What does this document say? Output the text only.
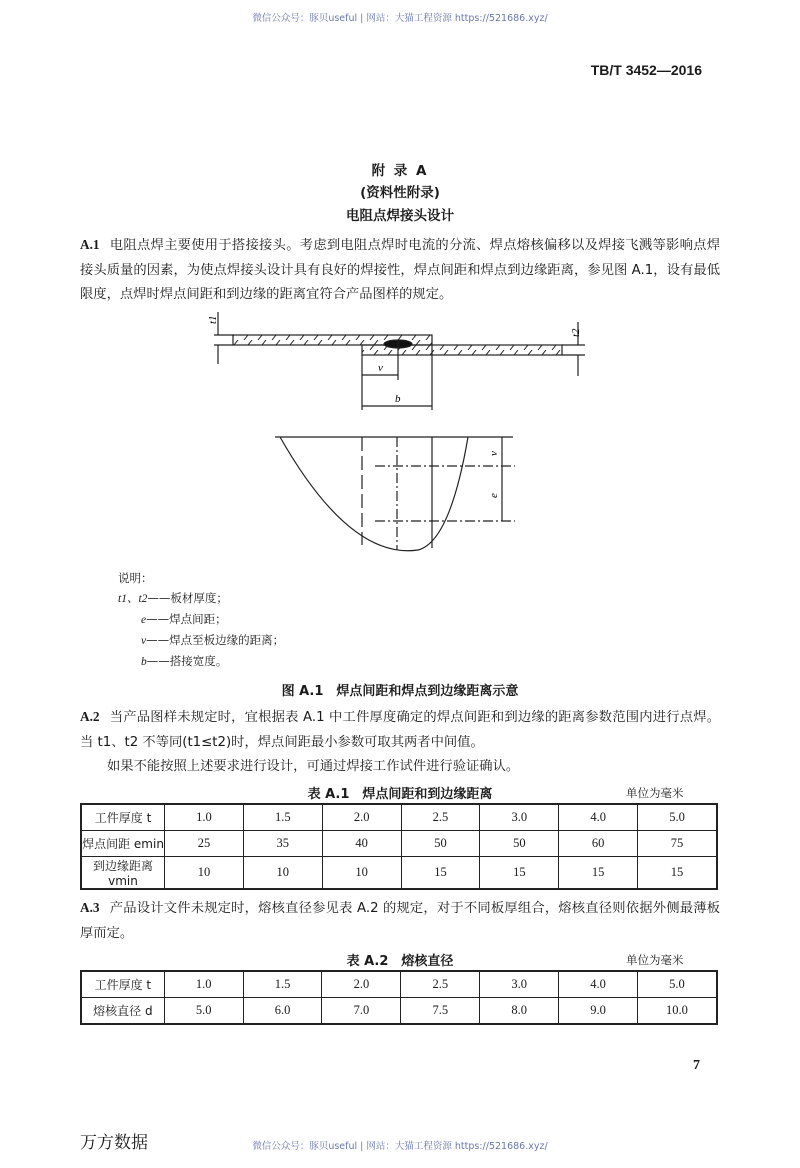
微信公众号：豚贝useful | 网站：大猫工程资源 https://521686.xyz/
TB/T 3452—2016
附 录 A
(资料性附录)
电阻点焊接头设计
A.1 电阻点焊主要使用于搭接接头。考虑到电阻点焊时电流的分流、焊点熔核偏移以及焊接飞溅等影响点焊接头质量的因素，为使点焊接头设计具有良好的焊接性，焊点间距和焊点到边缘距离，参见图 A.1，设有最低限度，点焊时焊点间距和到边缘的距离宜符合产品图样的规定。
t1
t2
v
b
v
e
说明：
t1、t2——板材厚度；
e——焊点间距；
v——焊点至板边缘的距离；
b——搭接宽度。
图 A.1　焊点间距和焊点到边缘距离示意
A.2 当产品图样未规定时，宜根据表 A.1 中工件厚度确定的焊点间距和到边缘的距离参数范围内进行点焊。当 t1、t2 不等同(t1≤t2)时，焊点间距最小参数可取其两者中间值。
如果不能按照上述要求进行设计，可通过焊接工作试件进行验证确认。
表 A.1　焊点间距和到边缘距离	单位为毫米
工件厚度 t	1.0	1.5	2.0	2.5	3.0	4.0	5.0
焊点间距 emin	25	35	40	50	50	60	75
到边缘距离 vmin	10	10	10	15	15	15	15
A.3 产品设计文件未规定时，熔核直径参见表 A.2 的规定，对于不同板厚组合，熔核直径则依据外侧最薄板厚而定。
表 A.2　熔核直径	单位为毫米
工件厚度 t	1.0	1.5	2.0	2.5	3.0	4.0	5.0
熔核直径 d	5.0	6.0	7.0	7.5	8.0	9.0	10.0
7
万方数据	微信公众号：豚贝useful | 网站：大猫工程资源 https://521686.xyz/
